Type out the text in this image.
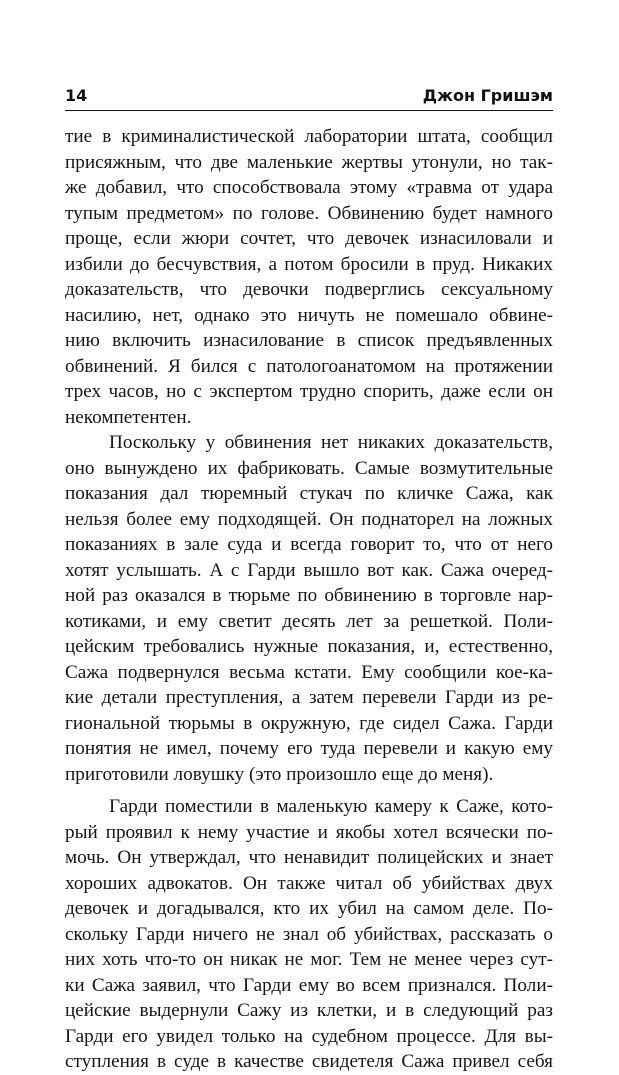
14	Джон Гришэм
тие в криминалистической лаборатории штата, сообщил
присяжным, что две маленькие жертвы утонули, но так-
же добавил, что способствовала этому «травма от удара
тупым предметом» по голове. Обвинению будет намного
проще, если жюри сочтет, что девочек изнасиловали и
избили до бесчувствия, а потом бросили в пруд. Никаких
доказательств, что девочки подверглись сексуальному
насилию, нет, однако это ничуть не помешало обвине-
нию включить изнасилование в список предъявленных
обвинений. Я бился с патологоанатомом на протяжении
трех часов, но с экспертом трудно спорить, даже если он
некомпетентен.
Поскольку у обвинения нет никаких доказательств,
оно вынуждено их фабриковать. Самые возмутительные
показания дал тюремный стукач по кличке Сажа, как
нельзя более ему подходящей. Он поднаторел на ложных
показаниях в зале суда и всегда говорит то, что от него
хотят услышать. А с Гарди вышло вот как. Сажа очеред-
ной раз оказался в тюрьме по обвинению в торговле нар-
котиками, и ему светит десять лет за решеткой. Поли-
цейским требовались нужные показания, и, естественно,
Сажа подвернулся весьма кстати. Ему сообщили кое-ка-
кие детали преступления, а затем перевели Гарди из ре-
гиональной тюрьмы в окружную, где сидел Сажа. Гарди
понятия не имел, почему его туда перевели и какую ему
приготовили ловушку (это произошло еще до меня).
Гарди поместили в маленькую камеру к Саже, кото-
рый проявил к нему участие и якобы хотел всячески по-
мочь. Он утверждал, что ненавидит полицейских и знает
хороших адвокатов. Он также читал об убийствах двух
девочек и догадывался, кто их убил на самом деле. По-
скольку Гарди ничего не знал об убийствах, рассказать о
них хоть что-то он никак не мог. Тем не менее через сут-
ки Сажа заявил, что Гарди ему во всем признался. Поли-
цейские выдернули Сажу из клетки, и в следующий раз
Гарди его увидел только на судебном процессе. Для вы-
ступления в суде в качестве свидетеля Сажа привел себя
